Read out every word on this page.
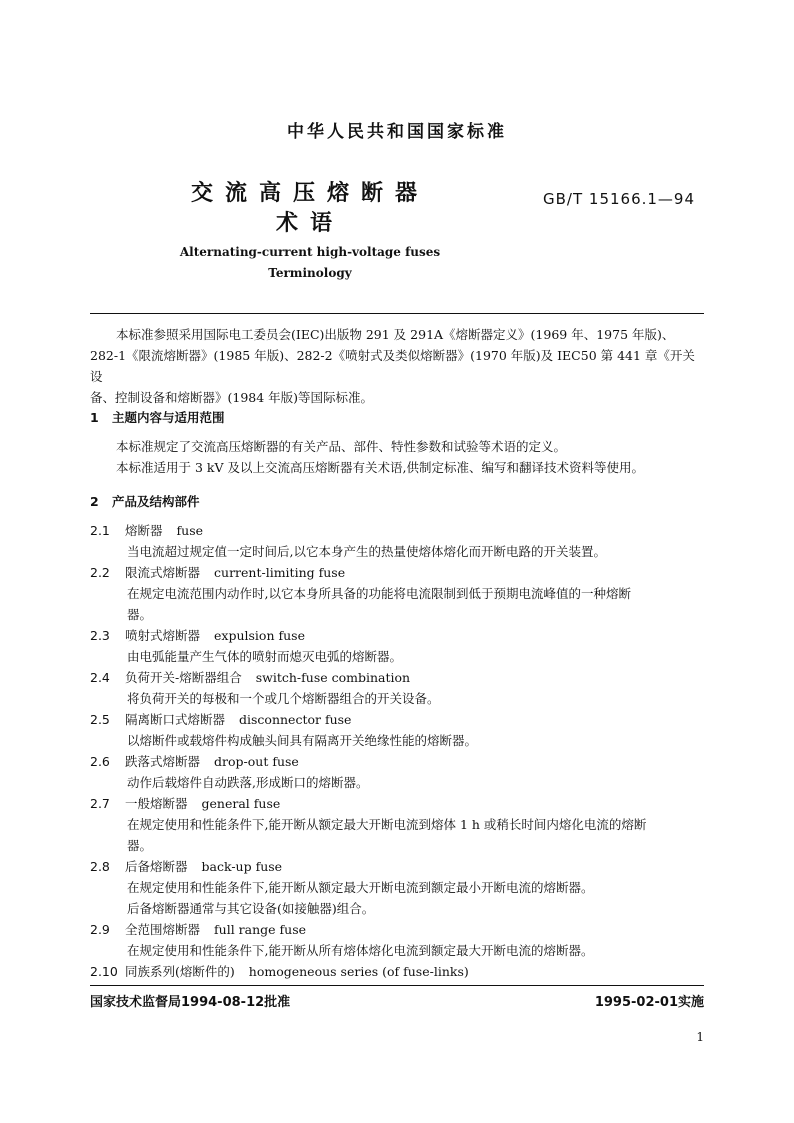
中华人民共和国国家标准
交流高压熔断器
术语
GB/T 15166.1—94
Alternating-current high-voltage fuses
Terminology
本标准参照采用国际电工委员会(IEC)出版物 291 及 291A《熔断器定义》(1969 年、1975 年版)、
282-1《限流熔断器》(1985 年版)、282-2《喷射式及类似熔断器》(1970 年版)及 IEC50 第 441 章《开关设
备、控制设备和熔断器》(1984 年版)等国际标准。
1 主题内容与适用范围
本标准规定了交流高压熔断器的有关产品、部件、特性参数和试验等术语的定义。
本标准适用于 3 kV 及以上交流高压熔断器有关术语,供制定标准、编写和翻译技术资料等使用。
2 产品及结构部件
2.1 熔断器 fuse
当电流超过规定值一定时间后,以它本身产生的热量使熔体熔化而开断电路的开关装置。
2.2 限流式熔断器 current-limiting fuse
在规定电流范围内动作时,以它本身所具备的功能将电流限制到低于预期电流峰值的一种熔断
器。
2.3 喷射式熔断器 expulsion fuse
由电弧能量产生气体的喷射而熄灭电弧的熔断器。
2.4 负荷开关-熔断器组合 switch-fuse combination
将负荷开关的每极和一个或几个熔断器组合的开关设备。
2.5 隔离断口式熔断器 disconnector fuse
以熔断件或载熔件构成触头间具有隔离开关绝缘性能的熔断器。
2.6 跌落式熔断器 drop-out fuse
动作后载熔件自动跌落,形成断口的熔断器。
2.7 一般熔断器 general fuse
在规定使用和性能条件下,能开断从额定最大开断电流到熔体 1 h 或稍长时间内熔化电流的熔断
器。
2.8 后备熔断器 back-up fuse
在规定使用和性能条件下,能开断从额定最大开断电流到额定最小开断电流的熔断器。
后备熔断器通常与其它设备(如接触器)组合。
2.9 全范围熔断器 full range fuse
在规定使用和性能条件下,能开断从所有熔体熔化电流到额定最大开断电流的熔断器。
2.10 同族系列(熔断件的) homogeneous series (of fuse-links)
国家技术监督局1994-08-12批准	1995-02-01实施
1
